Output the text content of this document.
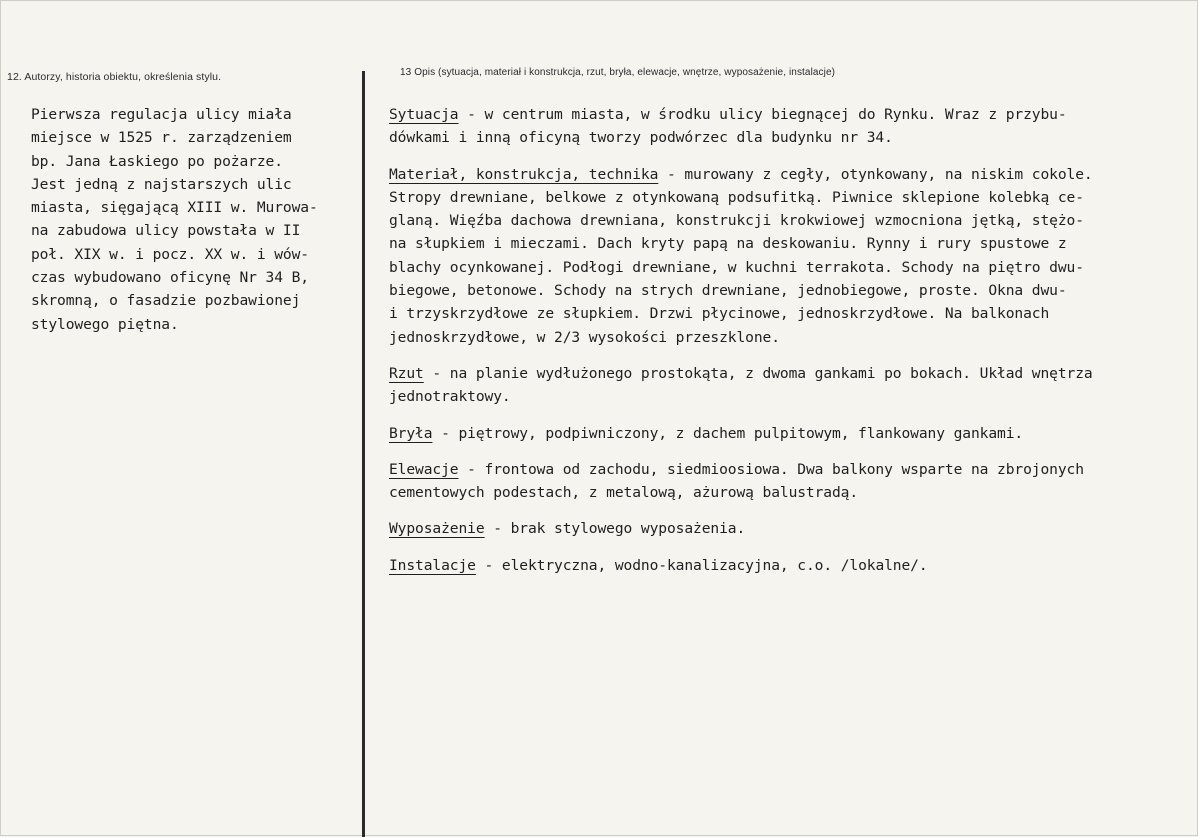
12. Autorzy, historia obiektu, określenia stylu.	13 Opis (sytuacja, materiał i konstrukcja, rzut, bryła, elewacje, wnętrze, wyposażenie, instalacje)
Pierwsza regulacja ulicy miała
miejsce w 1525 r. zarządzeniem
bp. Jana Łaskiego po pożarze.
Jest jedną z najstarszych ulic
miasta, sięgającą XIII w. Murowa-
na zabudowa ulicy powstała w II
poł. XIX w. i pocz. XX w. i wów-
czas wybudowano oficynę Nr 34 B,
skromną, o fasadzie pozbawionej
stylowego piętna.
Sytuacja - w centrum miasta, w środku ulicy biegnącej do Rynku. Wraz z przybu-
dówkami i inną oficyną tworzy podwórzec dla budynku nr 34.
Materiał, konstrukcja, technika - murowany z cegły, otynkowany, na niskim cokole.
Stropy drewniane, belkowe z otynkowaną podsufitką. Piwnice sklepione kolebką ce-
glaną. Więźba dachowa drewniana, konstrukcji krokwiowej wzmocniona jętką, stężo-
na słupkiem i mieczami. Dach kryty papą na deskowaniu. Rynny i rury spustowe z
blachy ocynkowanej. Podłogi drewniane, w kuchni terrakota. Schody na piętro dwu-
biegowe, betonowe. Schody na strych drewniane, jednobiegowe, proste. Okna dwu-
i trzyskrzydłowe ze słupkiem. Drzwi płycinowe, jednoskrzydłowe. Na balkonach
jednoskrzydłowe, w 2/3 wysokości przeszklone.
Rzut - na planie wydłużonego prostokąta, z dwoma gankami po bokach. Układ wnętrza
jednotraktowy.
Bryła - piętrowy, podpiwniczony, z dachem pulpitowym, flankowany gankami.
Elewacje - frontowa od zachodu, siedmioosiowa. Dwa balkony wsparte na zbrojonych
cementowych podestach, z metalową, ażurową balustradą.
Wyposażenie - brak stylowego wyposażenia.
Instalacje - elektryczna, wodno-kanalizacyjna, c.o. /lokalne/.
